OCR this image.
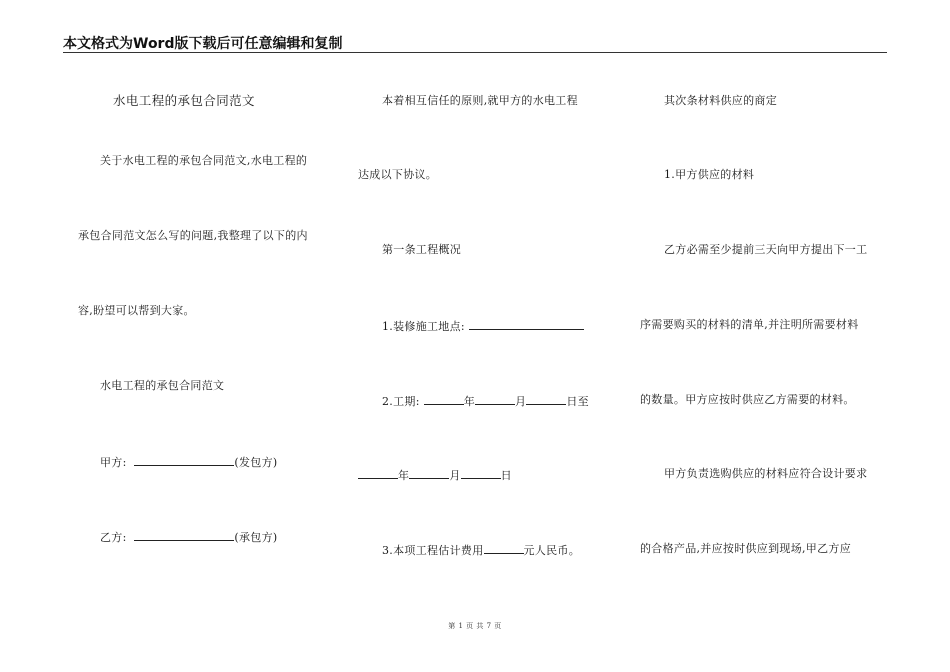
本文格式为Word版下载后可任意编辑和复制
水电工程的承包合同范文
关于水电工程的承包合同范文,水电工程的
承包合同范文怎么写的问题,我整理了以下的内
容,盼望可以帮到大家。
水电工程的承包合同范文
甲方:	(发包方)
乙方:	(承包方)
本着相互信任的原则,就甲方的水电工程
达成以下协议。
第一条工程概况
1.装修施工地点:
2.工期:	年	月	日至
年	月	日
3.本项工程估计费用	元人民币。
其次条材料供应的商定
1.甲方供应的材料
乙方必需至少提前三天向甲方提出下一工
序需要购买的材料的清单,并注明所需要材料
的数量。甲方应按时供应乙方需要的材料。
甲方负责选购供应的材料应符合设计要求
的合格产品,并应按时供应到现场,甲乙方应
第 1 页 共 7 页
